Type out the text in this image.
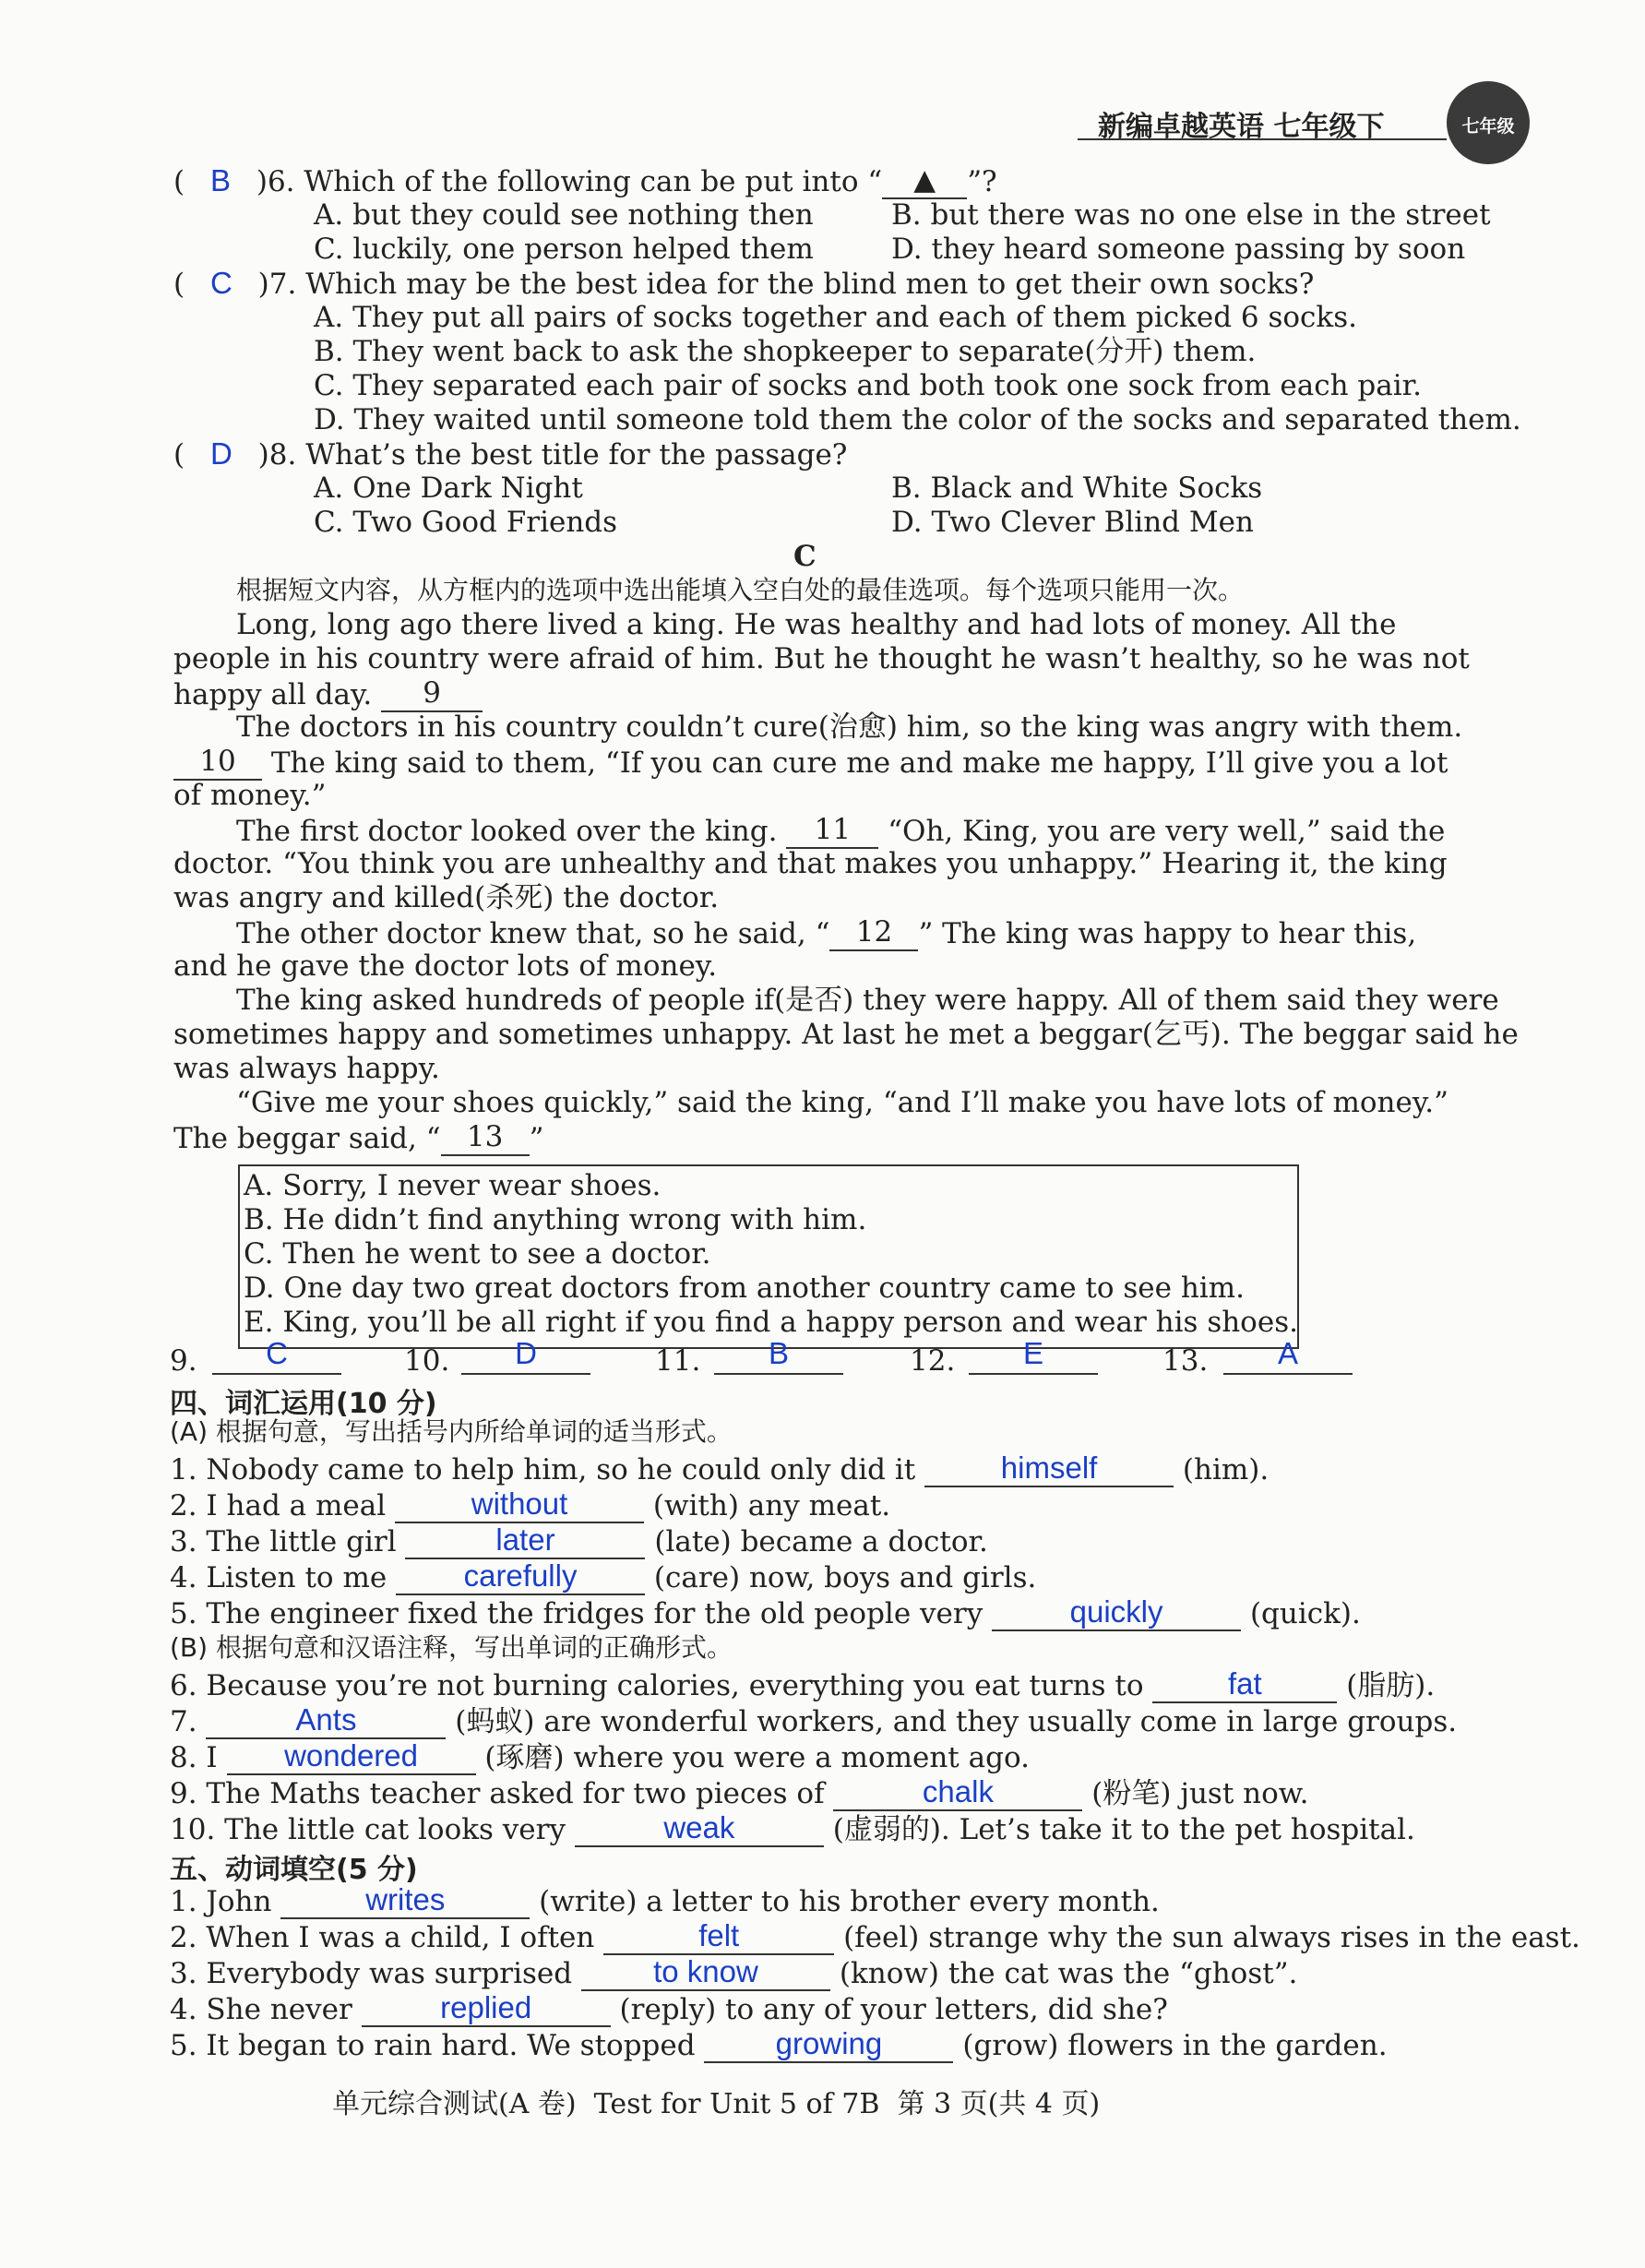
新编卓越英语 七年级下	七年级
( B )6. Which of the following can be put into “ ▲ ”?
A. but they could see nothing then	B. but there was no one else in the street
C. luckily, one person helped them	D. they heard someone passing by soon
( C )7. Which may be the best idea for the blind men to get their own socks?
A. They put all pairs of socks together and each of them picked 6 socks.
B. They went back to ask the shopkeeper to separate(分开) them.
C. They separated each pair of socks and both took one sock from each pair.
D. They waited until someone told them the color of the socks and separated them.
( D )8. What’s the best title for the passage?
A. One Dark Night	B. Black and White Socks
C. Two Good Friends	D. Two Clever Blind Men
C
根据短文内容，从方框内的选项中选出能填入空白处的最佳选项。每个选项只能用一次。
Long, long ago there lived a king. He was healthy and had lots of money. All the
people in his country were afraid of him. But he thought he wasn’t healthy, so he was not
happy all day. 9
The doctors in his country couldn’t cure(治愈) him, so the king was angry with them.
10 The king said to them, “If you can cure me and make me happy, I’ll give you a lot
of money.”
The first doctor looked over the king. 11 “Oh, King, you are very well,” said the
doctor. “You think you are unhealthy and that makes you unhappy.” Hearing it, the king
was angry and killed(杀死) the doctor.
The other doctor knew that, so he said, “ 12 ” The king was happy to hear this,
and he gave the doctor lots of money.
The king asked hundreds of people if(是否) they were happy. All of them said they were
sometimes happy and sometimes unhappy. At last he met a beggar(乞丐). The beggar said he
was always happy.
“Give me your shoes quickly,” said the king, “and I’ll make you have lots of money.”
The beggar said, “ 13 ”
A. Sorry, I never wear shoes.
B. He didn’t find anything wrong with him.
C. Then he went to see a doctor.
D. One day two great doctors from another country came to see him.
E. King, you’ll be all right if you find a happy person and wear his shoes.
9.	C	10.	D	11.	B	12.	E	13.	A
四、词汇运用(10 分)
(A) 根据句意，写出括号内所给单词的适当形式。
1. Nobody came to help him, so he could only did it	himself	(him).
2. I had a meal	without	(with) any meat.
3. The little girl	later	(late) became a doctor.
4. Listen to me	carefully	(care) now, boys and girls.
5. The engineer fixed the fridges for the old people very	quickly	(quick).
(B) 根据句意和汉语注释，写出单词的正确形式。
6. Because you’re not burning calories, everything you eat turns to	fat	(脂肪).
7.	Ants	(蚂蚁) are wonderful workers, and they usually come in large groups.
8. I wondered (琢磨) where you were a moment ago.
9. The Maths teacher asked for two pieces of	chalk	(粉笔) just now.
10. The little cat looks very	weak	(虚弱的). Let’s take it to the pet hospital.
五、动词填空(5 分)
1. John	writes	(write) a letter to his brother every month.
2. When I was a child, I often	felt	(feel) strange why the sun always rises in the east.
3. Everybody was surprised	to know	(know) the cat was the “ghost”.
4. She never	replied	(reply) to any of your letters, did she?
5. It began to rain hard. We stopped	growing	(grow) flowers in the garden.
单元综合测试(A 卷)  Test for Unit 5 of 7B  第 3 页(共 4 页)
